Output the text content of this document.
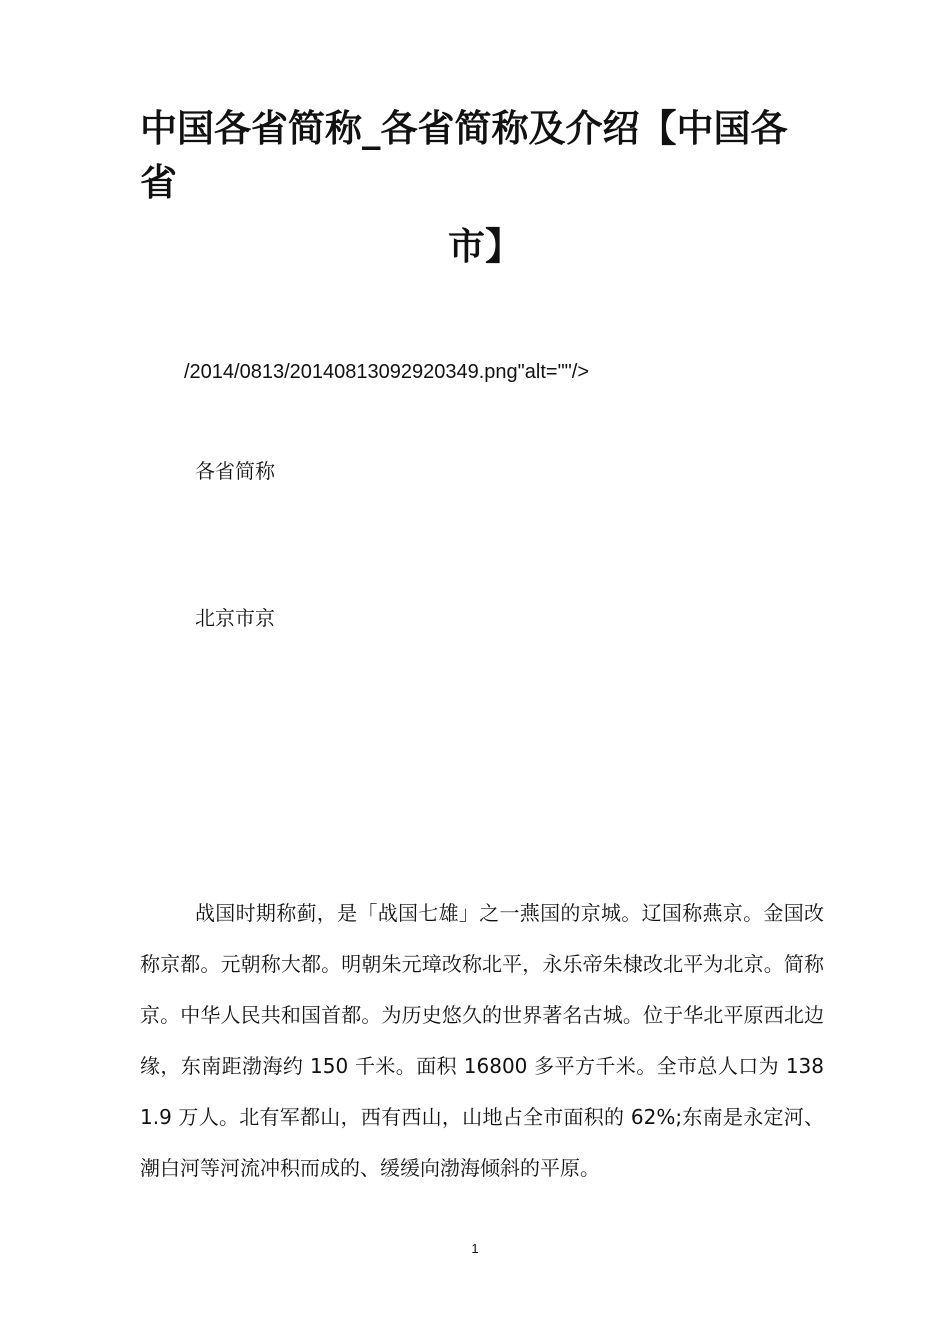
中国各省简称_各省简称及介绍【中国各省
市】
/2014/0813/20140813092920349.png"alt=""/>
各省简称
北京市京
战国时期称蓟，是「战国七雄」之一燕国的京城。辽国称燕京。金国改称京都。元朝称大都。明朝朱元璋改称北平，永乐帝朱棣改北平为北京。简称京。中华人民共和国首都。为历史悠久的世界著名古城。位于华北平原西北边缘，东南距渤海约 150 千米。面积 16800 多平方千米。全市总人口为 1381.9 万人。北有军都山，西有西山，山地占全市面积的 62%;东南是永定河、潮白河等河流冲积而成的、缓缓向渤海倾斜的平原。
1
